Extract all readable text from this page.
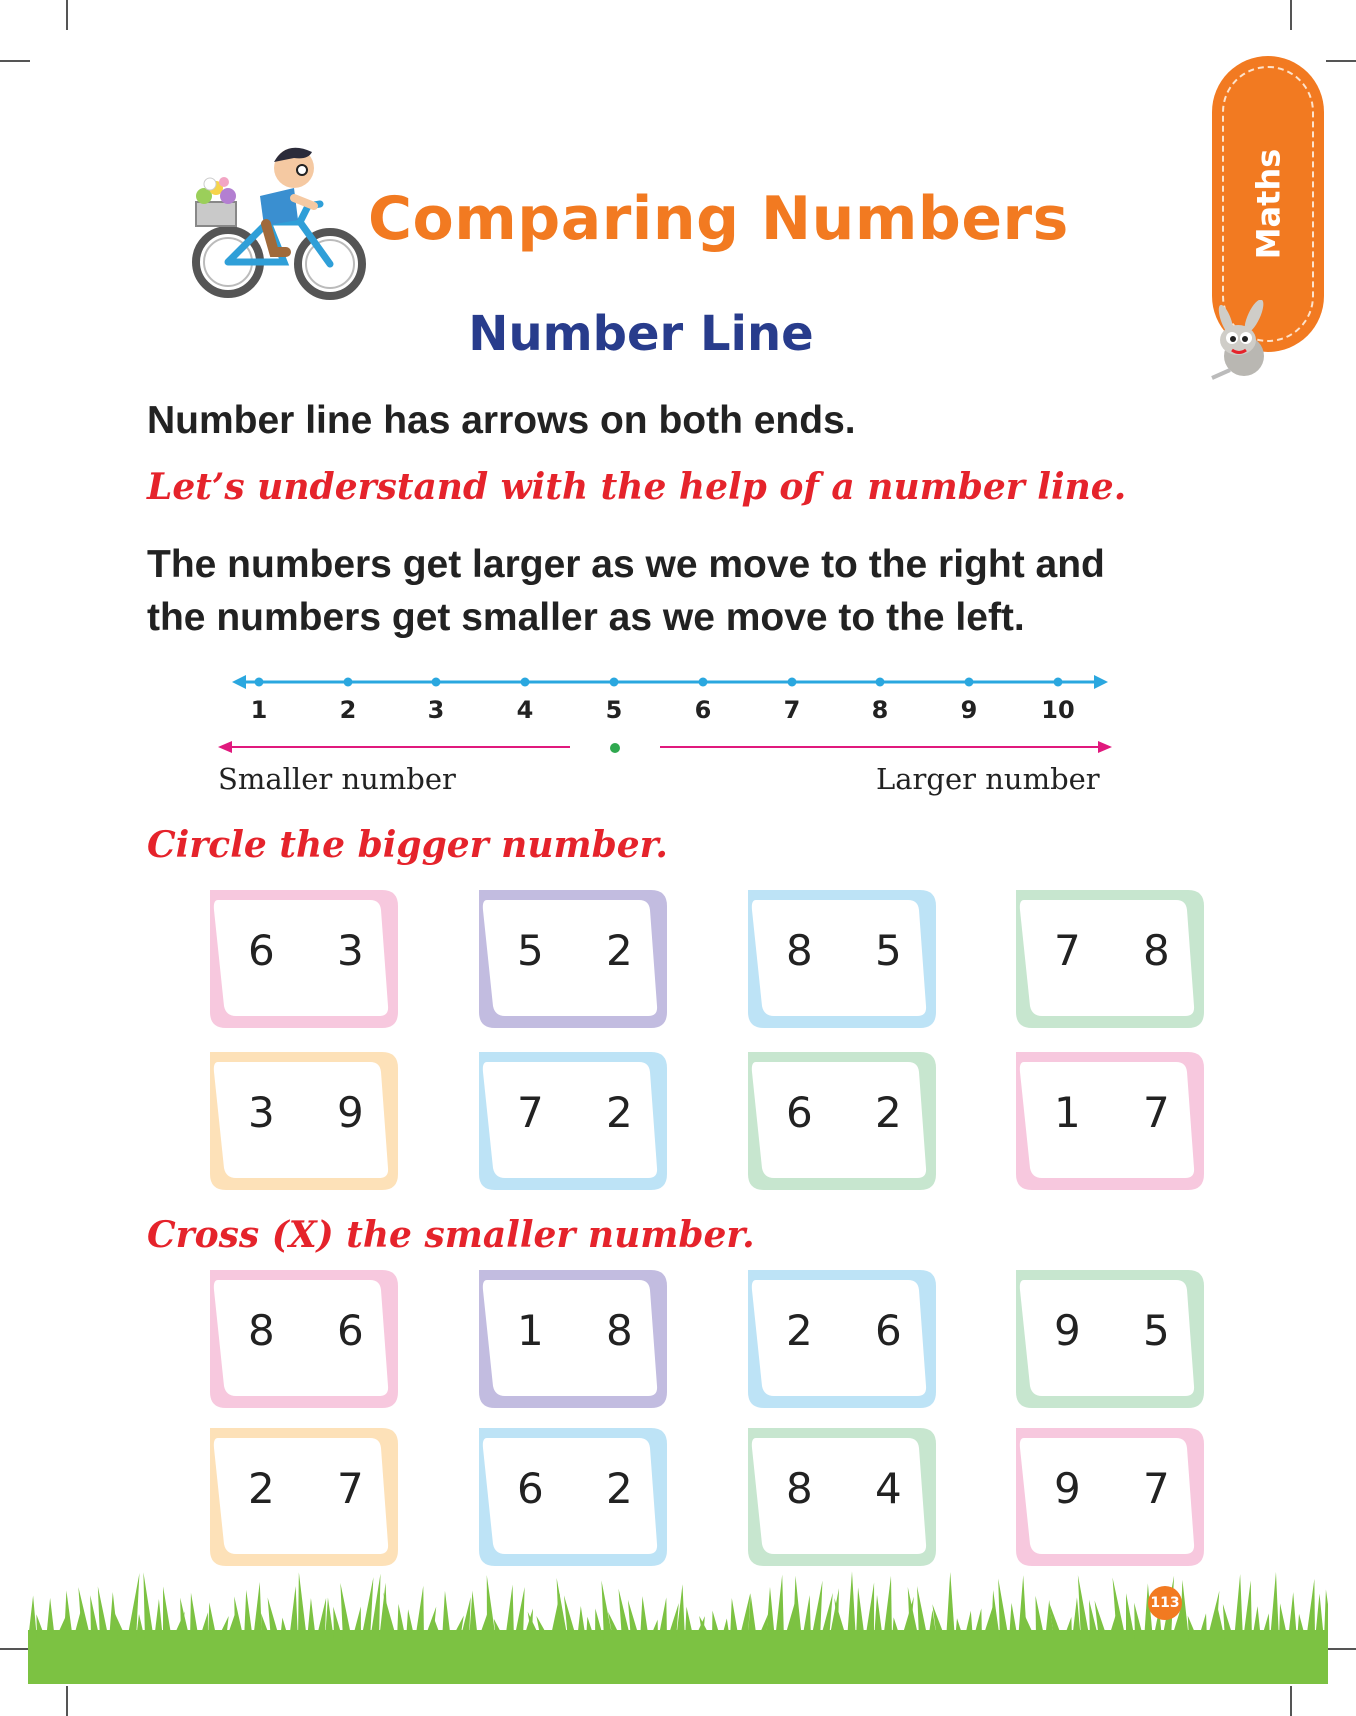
Maths
Comparing Numbers
Number Line
Number line has arrows on both ends.
Let’s understand with the help of a number line.
The numbers get larger as we move to the right and
the numbers get smaller as we move to the left.
1	2	3	4	5	6	7	8	9	10
Smaller number	Larger number
Circle the bigger number.
6 3	5 2	8 5	7 8
3 9	7 2	6 2	1 7
Cross (X) the smaller number.
8 6	1 8	2 6	9 5
2 7	6 2	8 4	9 7
113
